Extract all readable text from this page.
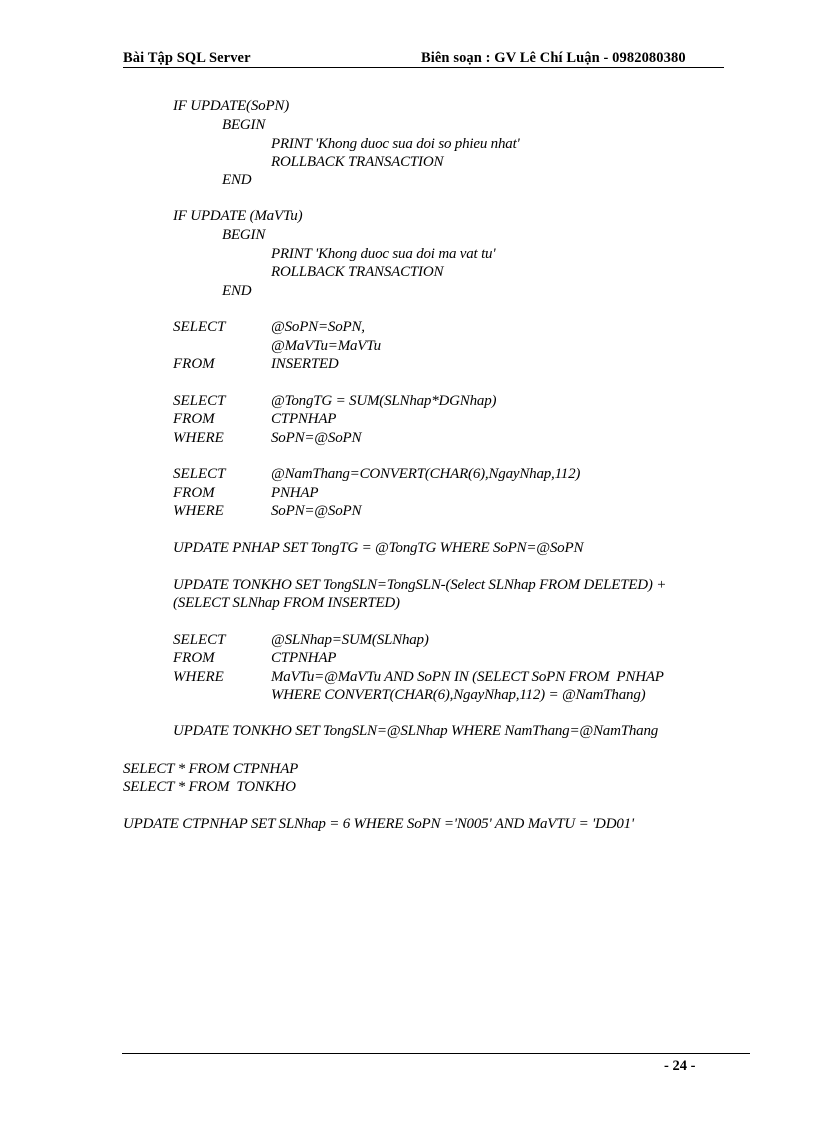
Bài Tập SQL Server	Biên soạn : GV Lê Chí Luận - 0982080380
IF UPDATE(SoPN)
BEGIN
PRINT 'Khong duoc sua doi so phieu nhat'
ROLLBACK TRANSACTION
END
IF UPDATE (MaVTu)
BEGIN
PRINT 'Khong duoc sua doi ma vat tu'
ROLLBACK TRANSACTION
END
SELECT	@SoPN=SoPN,
@MaVTu=MaVTu
FROM	INSERTED
SELECT	@TongTG = SUM(SLNhap*DGNhap)
FROM	CTPNHAP
WHERE	SoPN=@SoPN
SELECT	@NamThang=CONVERT(CHAR(6),NgayNhap,112)
FROM	PNHAP
WHERE	SoPN=@SoPN
UPDATE PNHAP SET TongTG = @TongTG WHERE SoPN=@SoPN
UPDATE TONKHO SET TongSLN=TongSLN-(Select SLNhap FROM DELETED) +
(SELECT SLNhap FROM INSERTED)
SELECT	@SLNhap=SUM(SLNhap)
FROM	CTPNHAP
WHERE	MaVTu=@MaVTu AND SoPN IN (SELECT SoPN FROM  PNHAP
WHERE CONVERT(CHAR(6),NgayNhap,112) = @NamThang)
UPDATE TONKHO SET TongSLN=@SLNhap WHERE NamThang=@NamThang
SELECT * FROM CTPNHAP
SELECT * FROM  TONKHO
UPDATE CTPNHAP SET SLNhap = 6 WHERE SoPN ='N005' AND MaVTU = 'DD01'
- 24 -
